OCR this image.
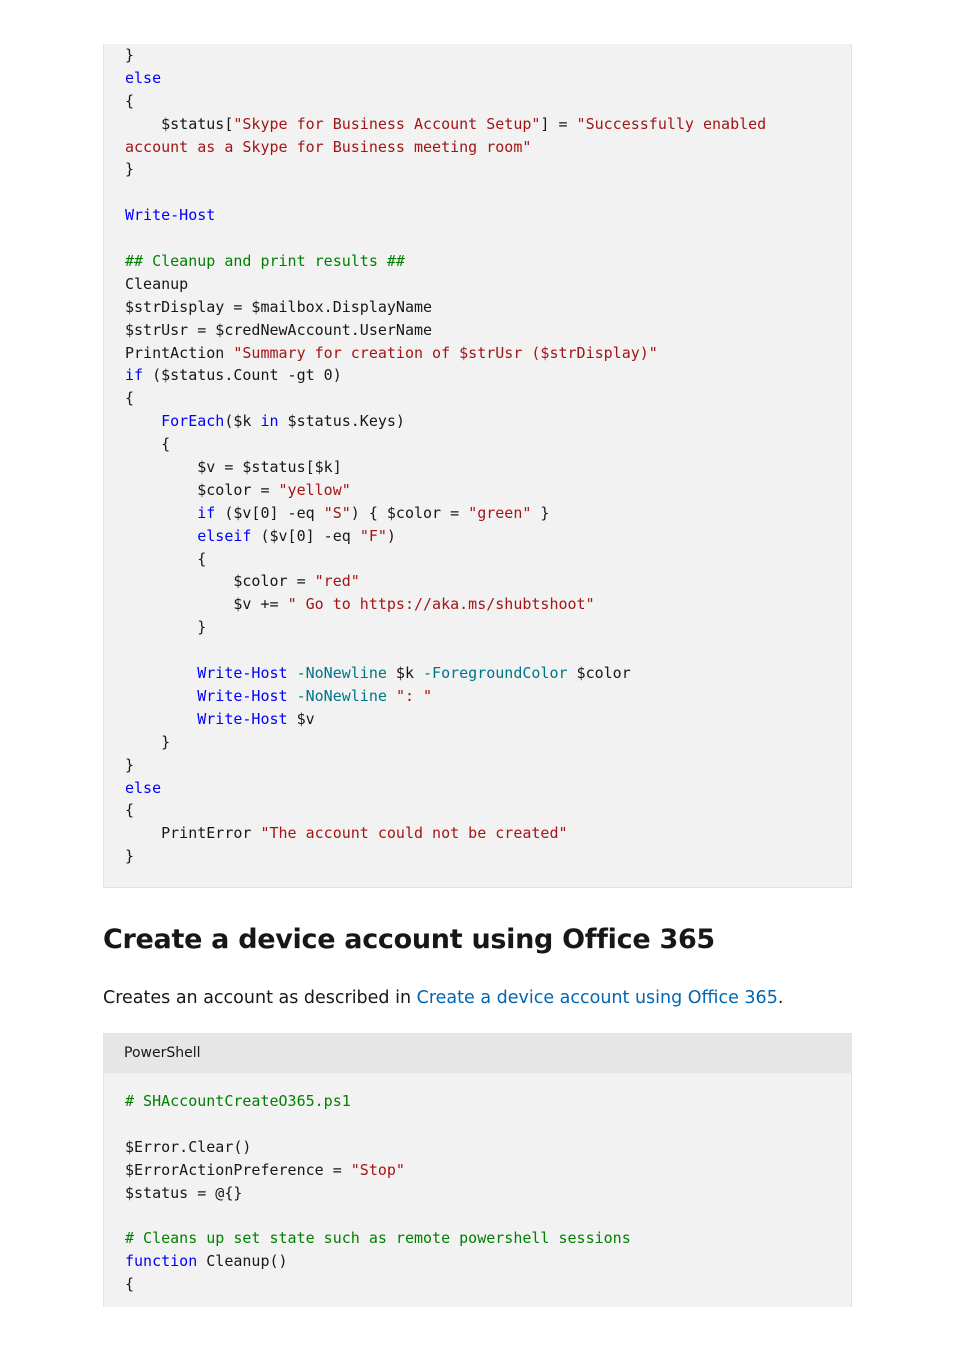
}
else
{
$status["Skype for Business Account Setup"] = "Successfully enabled
account as a Skype for Business meeting room"
}
Write-Host
## Cleanup and print results ##
Cleanup
$strDisplay = $mailbox.DisplayName
$strUsr = $credNewAccount.UserName
PrintAction "Summary for creation of $strUsr ($strDisplay)"
if ($status.Count -gt 0)
{
ForEach($k in $status.Keys)
{
$v = $status[$k]
$color = "yellow"
if ($v[0] -eq "S") { $color = "green" }
elseif ($v[0] -eq "F")
{
$color = "red"
$v += " Go to https://aka.ms/shubtshoot"
}
Write-Host -NoNewline $k -ForegroundColor $color
Write-Host -NoNewline ": "
Write-Host $v
}
}
else
{
PrintError "The account could not be created"
}
Create a device account using Office 365

Creates an account as described in Create a device account using Office 365.

PowerShell
# SHAccountCreateO365.ps1
$Error.Clear()
$ErrorActionPreference = "Stop"
$status = @{}
# Cleans up set state such as remote powershell sessions
function Cleanup()
{
